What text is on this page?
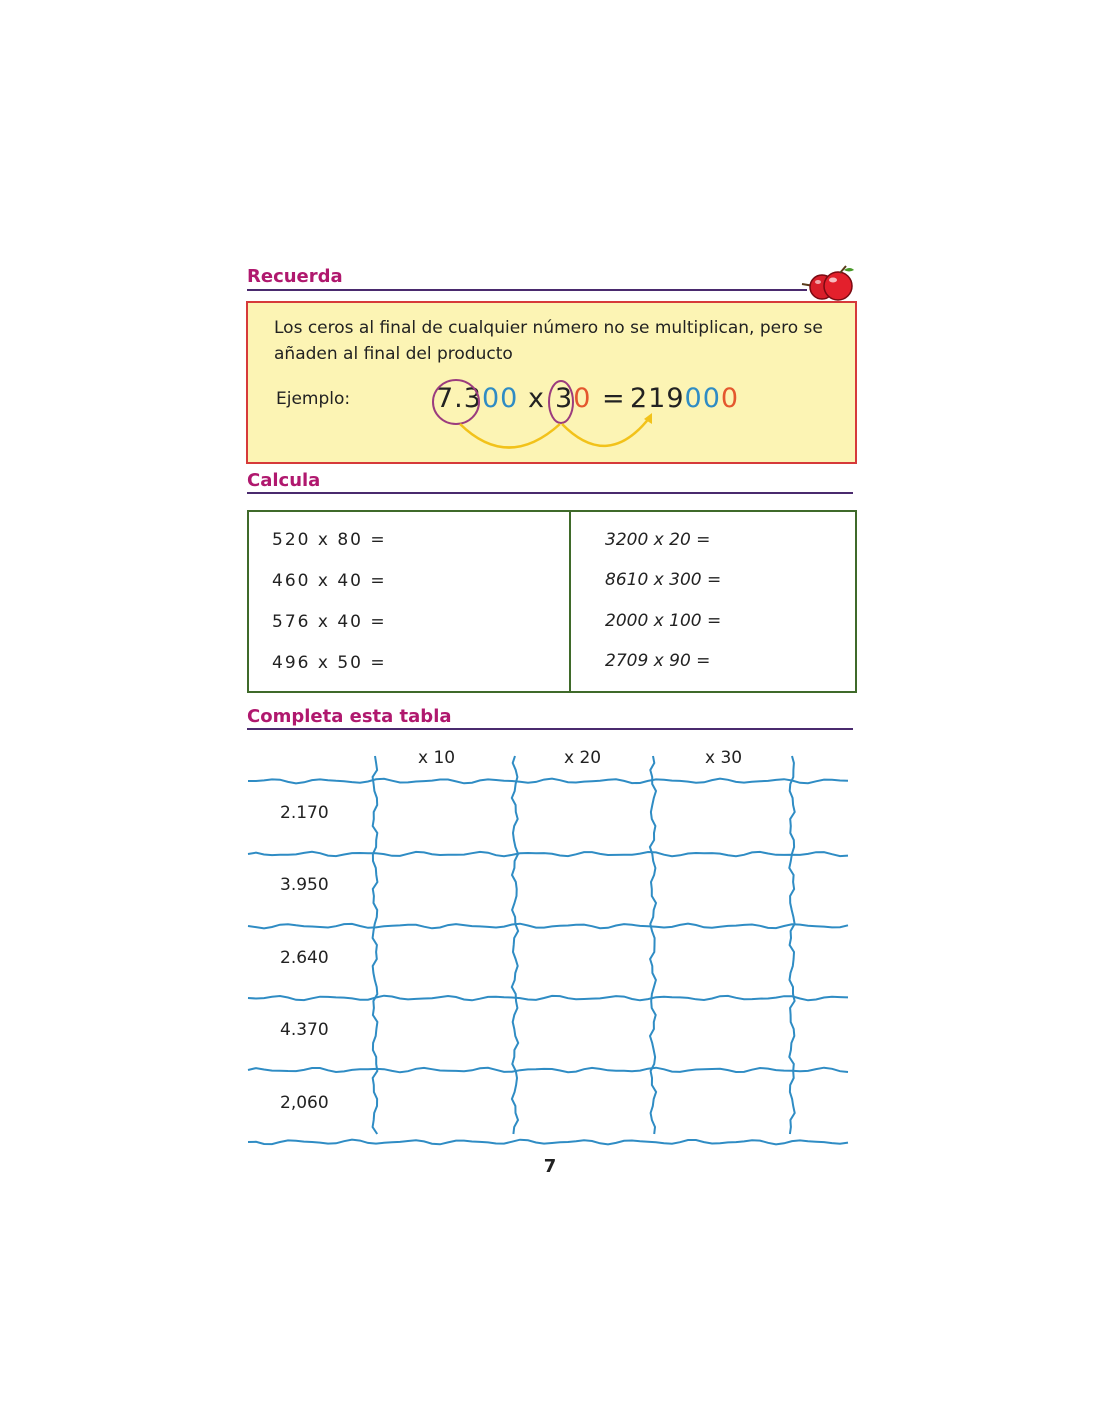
Recuerda
Los ceros al final de cualquier número no se multiplican, pero se añaden al final del producto
Ejemplo:	7.300 x 30 = 219000
Calcula
520 x 80 =
460 x 40 =
576 x 40 =
496 x 50 =
3200 x 20 =
8610 x 300 =
2000 x 100 =
2709 x 90 =
Completa esta tabla
x 10	x 20	x 30
2.170
3.950
2.640
4.370
2,060
7
